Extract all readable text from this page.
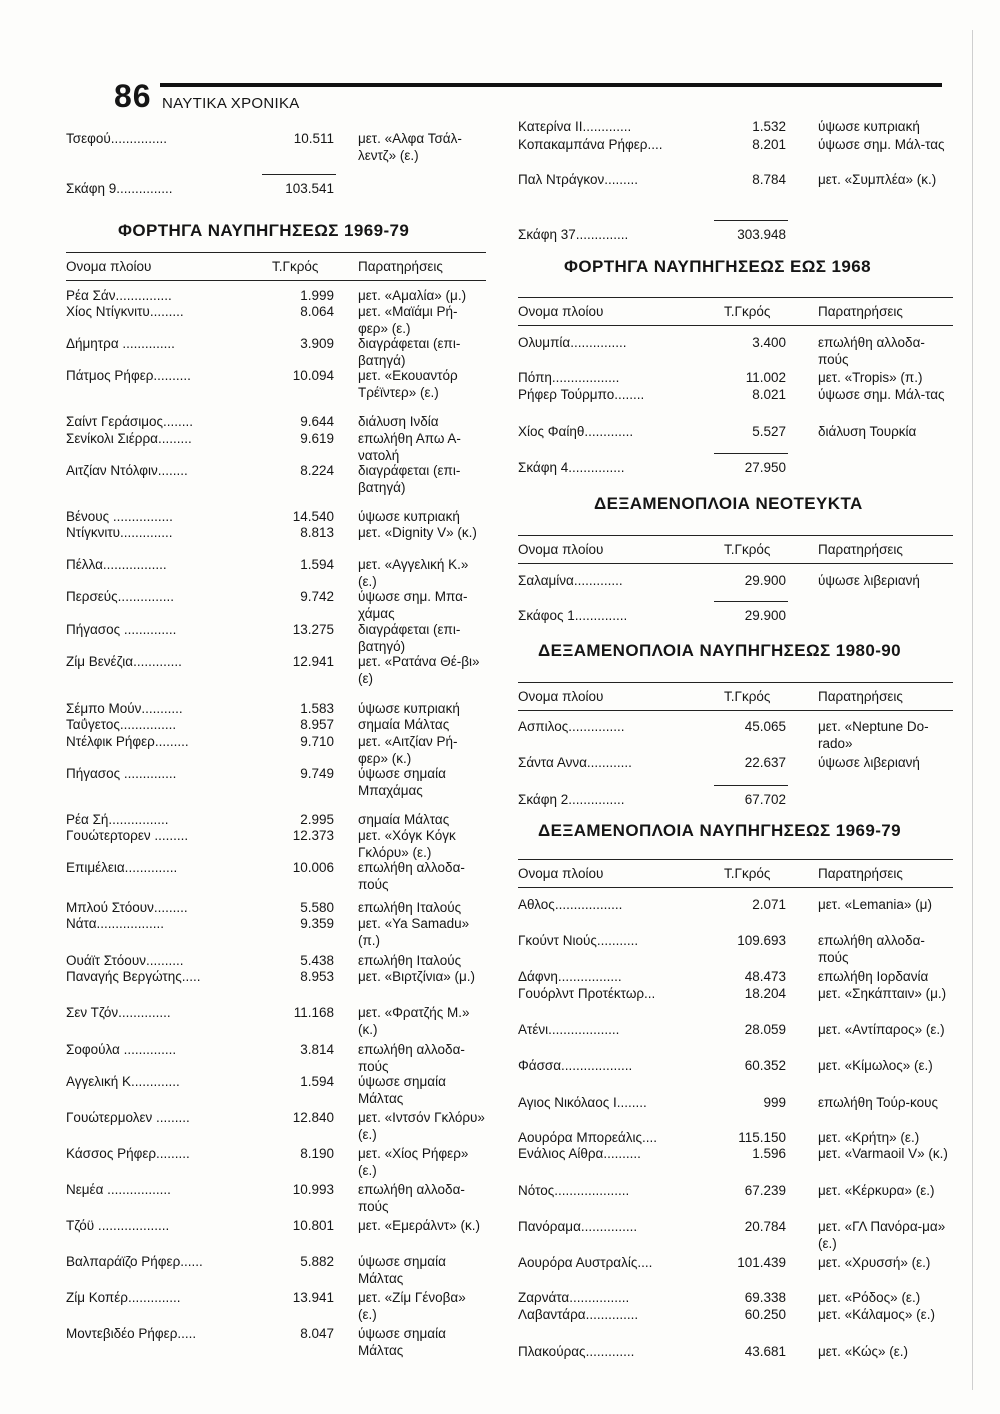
86 ΝΑΥΤΙΚΑ ΧΡΟΝΙΚΑ
Τσεφού...............	10.511 μετ. «Αλφα Τσάλ-λεντζ» (ε.)
Σκάφη 9...............	103.541
ΦΟΡΤΗΓΑ ΝΑΥΠΗΓΗΣΕΩΣ 1969-79
Ονομα πλοίου	Τ.Γκρός	Παρατηρήσεις
Ρέα Σάν...............	1.999 μετ. «Αμαλία» (μ.)
Χίος Ντίγκνιτυ.........	8.064 μετ. «Μαϊάμι Ρή-φερ» (ε.)
Δήμητρα ..............	3.909 διαγράφεται (επι-βατηγά)
Πάτμος Ρήφερ..........	10.094 μετ. «Εκουαντόρ Τρέϊντερ» (ε.)
Σαίντ Γεράσιμος........	9.644 διάλυση Ινδία
Σενίκολι Σιέρρα.........	9.619 επωλήθη Απω Α-νατολή
Αιτζίαν Ντόλφιν........	8.224 διαγράφεται (επι-βατηγά)
Βένους ................	14.540 ύψωσε κυπριακή
Ντίγκνιτυ..............	8.813 μετ. «Dignity V» (κ.)
Πέλλα.................	1.594 μετ. «Αγγελική Κ.» (ε.)
Περσεύς...............	9.742 ύψωσε σημ. Μπα-χάμας
Πήγασος ..............	13.275 διαγράφεται (επι-βατηγό)
Ζίμ Βενέζια.............	12.941 μετ. «Ρατάνα Θέ-βι» (ε)
Σέμπο Μούν...........	1.583 ύψωσε κυπριακή
Ταΰγετος...............	8.957 σημαία Μάλτας
Ντέλφικ Ρήφερ.........	9.710 μετ. «Αιτζίαν Ρή-φερ» (κ.)
Πήγασος ..............	9.749 ύψωσε σημαία Μπαχάμας
Ρέα Σή................	2.995 σημαία Μάλτας
Γουώτερτορεν .........	12.373 μετ. «Χόγκ Κόγκ Γκλόρυ» (ε.)
Επιμέλεια..............	10.006 επωλήθη αλλοδα-πούς
Μπλού Στόουν.........	5.580 επωλήθη Ιταλούς
Νάτα..................	9.359 μετ. «Ya Samadu» (π.)
Ουάϊτ Στόουν..........	5.438 επωλήθη Ιταλούς
Παναγής Βεργώτης.....	8.953 μετ. «Βιρτζίνια» (μ.)
Σεν Τζόν..............	11.168 μετ. «Φρατζής Μ.» (κ.)
Σοφούλα ..............	3.814 επωλήθη αλλοδα-πούς
Αγγελική Κ.............	1.594 ύψωσε σημαία Μάλτας
Γουώτερμολεν .........	12.840 μετ. «Ιντσόν Γκλόρυ» (ε.)
Κάσσος Ρήφερ.........	8.190 μετ. «Χίος Ρήφερ» (ε.)
Νεμέα .................	10.993 επωλήθη αλλοδα-πούς
Τζόϋ ...................	10.801 μετ. «Εμεράλντ» (κ.)
Βαλπαράϊζο Ρήφερ......	5.882 ύψωσε σημαία Μάλτας
Ζίμ Κοπέρ..............	13.941 μετ. «Ζίμ Γένοβα» (ε.)
Μοντεβιδέο Ρήφερ.....	8.047 ύψωσε σημαία Μάλτας
Κατερίνα ΙΙ.............	1.532 ύψωσε κυπριακή
Κοπακαμπάνα Ρήφερ....	8.201 ύψωσε σημ. Μάλ-τας
Παλ Ντράγκον.........	8.784 μετ. «Συμπλέα» (κ.)
Σκάφη 37..............	303.948
ΦΟΡΤΗΓΑ ΝΑΥΠΗΓΗΣΕΩΣ ΕΩΣ 1968
Ονομα πλοίου	Τ.Γκρός	Παρατηρήσεις
Ολυμπία...............	3.400 επωλήθη αλλοδα-πούς
Πόπη..................	11.002 μετ. «Tropis» (π.)
Ρήφερ Τούρμπο........	8.021 ύψωσε σημ. Μάλ-τας
Χίος Φαίηθ.............	5.527 διάλυση Τουρκία
Σκάφη 4...............	27.950
ΔΕΞΑΜΕΝΟΠΛΟΙΑ ΝΕΟΤΕΥΚΤΑ
Ονομα πλοίου	Τ.Γκρός	Παρατηρήσεις
Σαλαμίνα.............	29.900 ύψωσε λιβεριανή
Σκάφος 1..............	29.900
ΔΕΞΑΜΕΝΟΠΛΟΙΑ ΝΑΥΠΗΓΗΣΕΩΣ 1980-90
Ονομα πλοίου	Τ.Γκρός	Παρατηρήσεις
Ασπιλος...............	45.065 μετ. «Neptune Do-rado»
Σάντα Αννα............	22.637 ύψωσε λιβεριανή
Σκάφη 2...............	67.702
ΔΕΞΑΜΕΝΟΠΛΟΙΑ ΝΑΥΠΗΓΗΣΕΩΣ 1969-79
Ονομα πλοίου	Τ.Γκρός	Παρατηρήσεις
Αθλος..................	2.071 μετ. «Lemania» (μ)
Γκούντ Νιούς...........	109.693 επωλήθη αλλοδα-πούς
Δάφνη.................	48.473 επωλήθη Ιορδανία
Γουόρλντ Προτέκτωρ...	18.204 μετ. «Σηκάπταιν» (μ.)
Ατένι...................	28.059 μετ. «Αντίπαρος» (ε.)
Φάσσα...................	60.352 μετ. «Κίμωλος» (ε.)
Αγιος Νικόλαος Ι........	999 επωλήθη Τούρ-κους
Αουρόρα Μπορεάλις....	115.150 μετ. «Κρήτη» (ε.)
Ενάλιος Αίθρα..........	1.596 μετ. «Varmaoil V» (κ.)
Νότος....................	67.239 μετ. «Κέρκυρα» (ε.)
Πανόραμα...............	20.784 μετ. «ΓΛ Πανόρα-μα» (ε.)
Αουρόρα Αυστραλίς....	101.439 μετ. «Χρυσσή» (ε.)
Ζαρνάτα................	69.338 μετ. «Ρόδος» (ε.)
Λαβαντάρα..............	60.250 μετ. «Κάλαμος» (ε.)
Πλακούρας.............	43.681 μετ. «Κώς» (ε.)
